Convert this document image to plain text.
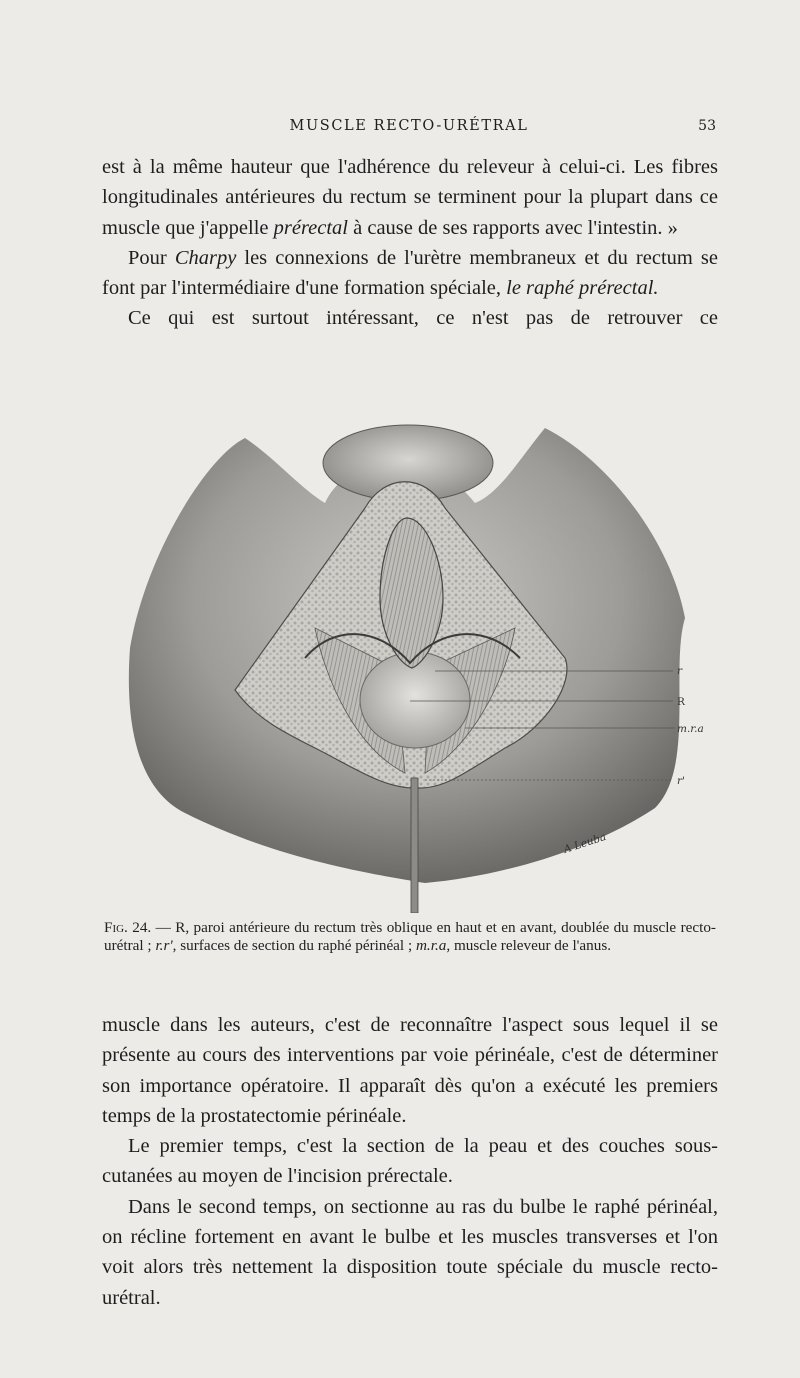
MUSCLE RECTO-URÉTRAL	53

est à la même hauteur que l'adhérence du releveur à celui-ci. Les fibres longitudinales antérieures du rectum se terminent pour la plupart dans ce muscle que j'appelle prérectal à cause de ses rapports avec l'intestin. »

Pour Charpy les connexions de l'urètre membraneux et du rectum se font par l'intermédiaire d'une formation spéciale, le raphé prérectal.

Ce qui est surtout intéressant, ce n'est pas de retrouver ce

r
R
m.r.a
r'
A Leuba
Fig. 24. — R, paroi antérieure du rectum très oblique en haut et en avant, doublée du muscle recto-urétral ; r.r', surfaces de section du raphé périnéal ; m.r.a, muscle releveur de l'anus.

muscle dans les auteurs, c'est de reconnaître l'aspect sous lequel il se présente au cours des interventions par voie périnéale, c'est de déterminer son importance opératoire. Il apparaît dès qu'on a exécuté les premiers temps de la prostatectomie périnéale.

Le premier temps, c'est la section de la peau et des couches sous-cutanées au moyen de l'incision prérectale.

Dans le second temps, on sectionne au ras du bulbe le raphé périnéal, on récline fortement en avant le bulbe et les muscles transverses et l'on voit alors très nettement la disposition toute spéciale du muscle recto-urétral.
